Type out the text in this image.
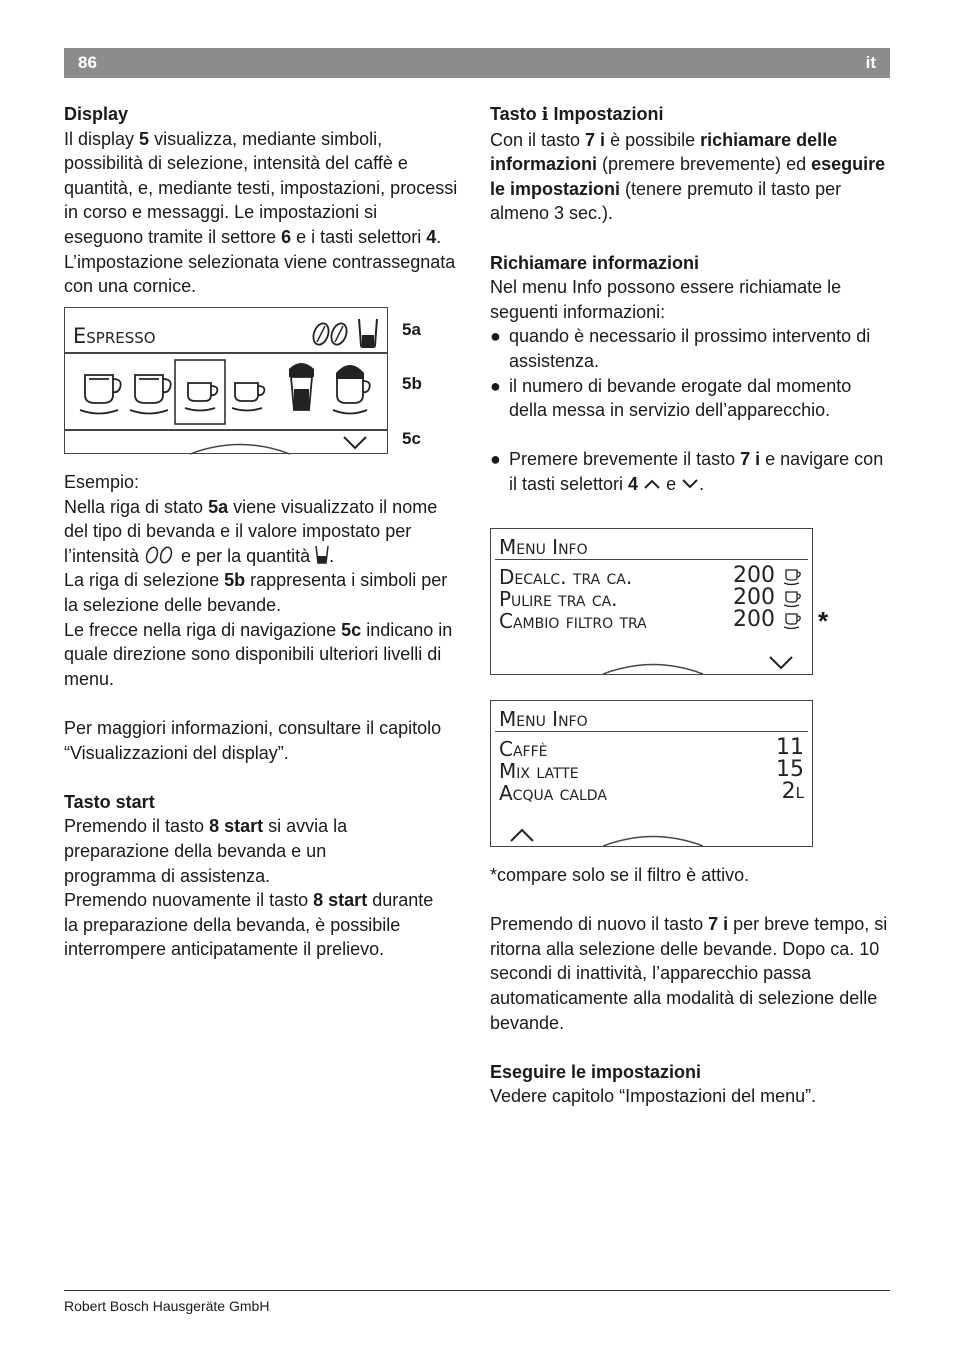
86	it

Display

Il display 5 visualizza, mediante simboli, possibilità di selezione, intensità del caffè e quantità, e, mediante testi, impostazioni, processi in corso e messaggi. Le impostazioni si eseguono tramite il settore 6 e i tasti selettori 4. L’impostazione selezionata viene contrassegnata con una cornice.

Espresso	5a
5b
5c

Esempio:

Nella riga di stato 5a viene visualizzato il nome del tipo di bevanda e il valore impostato per l’intensità  e per la quantità .
La riga di selezione 5b rappresenta i simboli per la selezione delle bevande.
Le frecce nella riga di navigazione 5c indicano in quale direzione sono disponibili ulteriori livelli di menu.

Per maggiori informazioni, consultare il capitolo “Visualizzazioni del display”.

Tasto start

Premendo il tasto 8 start si avvia la preparazione della bevanda e un programma di assistenza.

Premendo nuovamente il tasto 8 start durante la preparazione della bevanda, è possibile interrompere anticipatamente il prelievo.

Tasto i Impostazioni

Con il tasto 7 i è possibile richiamare delle informazioni (premere brevemente) ed eseguire le impostazioni (tenere premuto il tasto per almeno 3 sec.).

Richiamare informazioni

Nel menu Info possono essere richiamate le seguenti informazioni:

● quando è necessario il prossimo intervento di assistenza.
● il numero di bevande erogate dal momento della messa in servizio dell’apparecchio.
● Premere brevemente il tasto 7 i e navigare con il tasti selettori 4  e .
Menu Info
Decalc. tra ca.	200
Pulire tra ca.	200
Cambio filtro tra	200 *
Menu Info
Caffè	11
Mix latte	15
Acqua calda	2l

*compare solo se il filtro è attivo.

Premendo di nuovo il tasto 7 i per breve tempo, si ritorna alla selezione delle bevande. Dopo ca. 10 secondi di inattività, l’apparecchio passa automaticamente alla modalità di selezione delle bevande.

Eseguire le impostazioni

Vedere capitolo “Impostazioni del menu”.

Robert Bosch Hausgeräte GmbH
